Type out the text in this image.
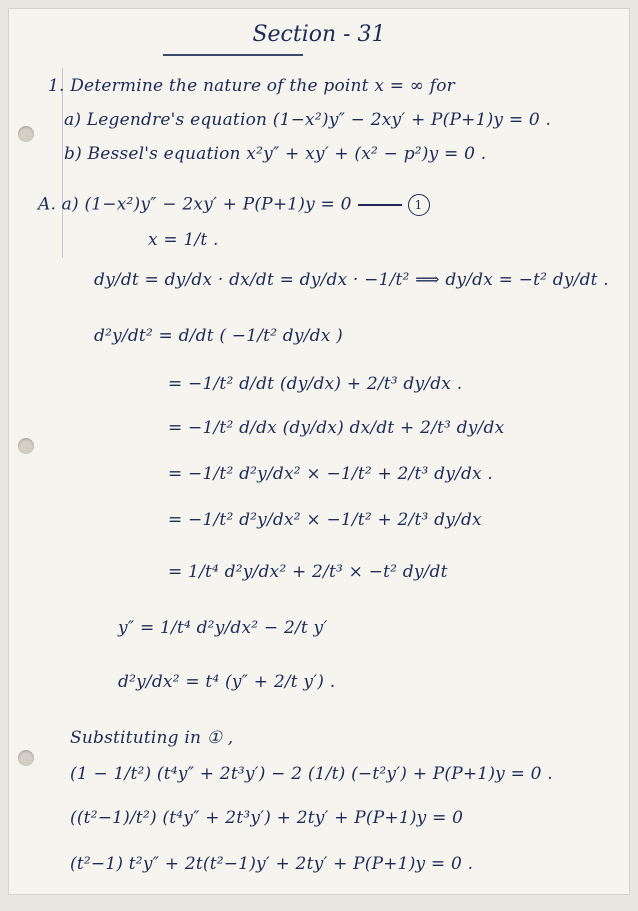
Section - 31
1. Determine the nature of the point x = ∞ for
a) Legendre's equation (1−x²)y″ − 2xy′ + P(P+1)y = 0 .
b) Bessel's equation x²y″ + xy′ + (x² − p²)y = 0 .
A. a) (1−x²)y″ − 2xy′ + P(P+1)y = 0	1
x = 1/t .
dy/dt = dy/dx · dx/dt = dy/dx · −1/t² ⟹ dy/dx = −t² dy/dt .
d²y/dt² = d/dt ( −1/t² dy/dx )
= −1/t² d/dt (dy/dx) + 2/t³ dy/dx .
= −1/t² d/dx (dy/dx) dx/dt + 2/t³ dy/dx
= −1/t² d²y/dx² × −1/t² + 2/t³ dy/dx .
= −1/t² d²y/dx² × −1/t² + 2/t³ dy/dx
= 1/t⁴ d²y/dx² + 2/t³ × −t² dy/dt
y″ = 1/t⁴ d²y/dx² − 2/t y′
d²y/dx² = t⁴ (y″ + 2/t y′) .
Substituting in ① ,
(1 − 1/t²) (t⁴y″ + 2t³y′) − 2 (1/t) (−t²y′) + P(P+1)y = 0 .
((t²−1)/t²) (t⁴y″ + 2t³y′) + 2ty′ + P(P+1)y = 0
(t²−1) t²y″ + 2t(t²−1)y′ + 2ty′ + P(P+1)y = 0 .
